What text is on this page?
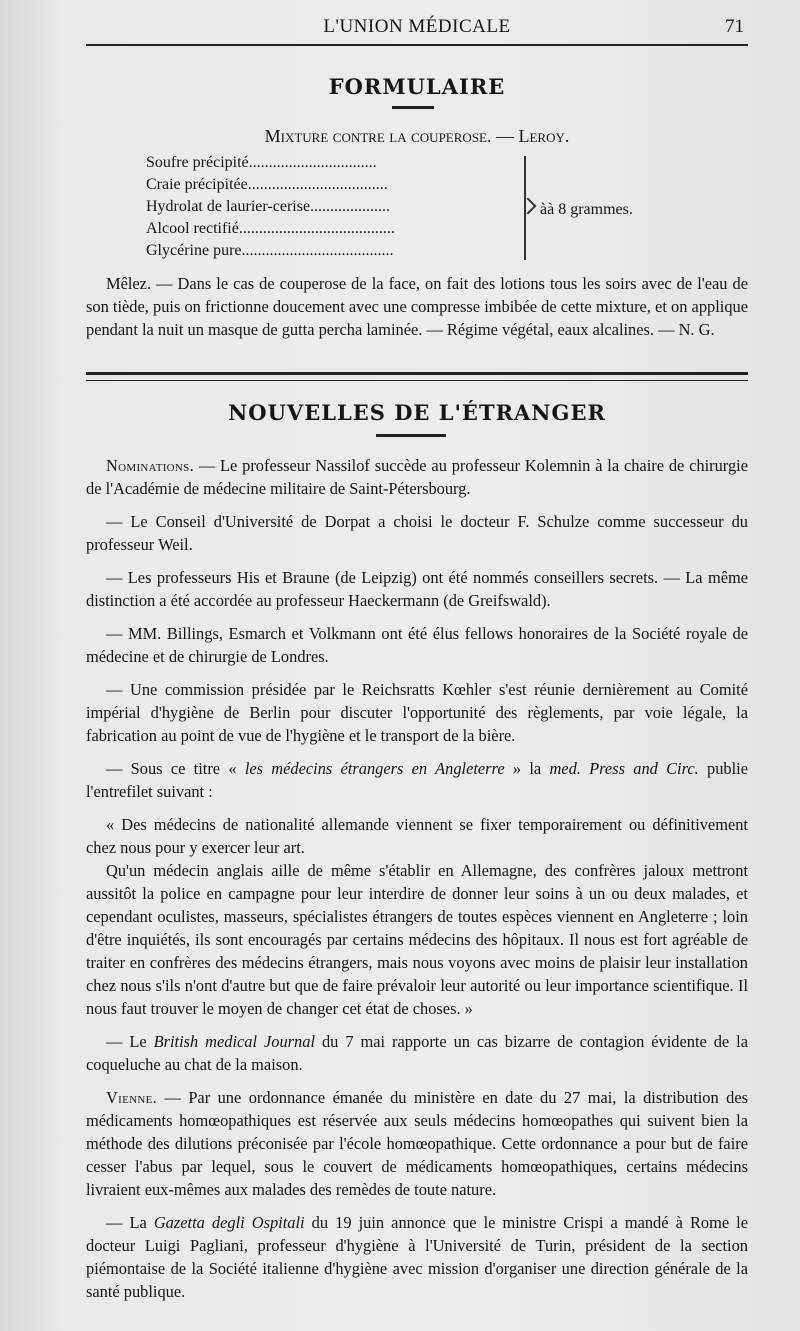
L'UNION MÉDICALE	71
FORMULAIRE
Mixture contre la couperose. — Leroy.
Soufre précipité................................
Craie précipitée...................................
Hydrolat de laurier-cerise....................
Alcool rectifié.......................................
Glycérine pure......................................
àà 8 grammes.

Mêlez. — Dans le cas de couperose de la face, on fait des lotions tous les soirs avec de l'eau de son tiède, puis on frictionne doucement avec une compresse imbibée de cette mixture, et on applique pendant la nuit un masque de gutta percha laminée. — Régime végétal, eaux alcalines. — N. G.

NOUVELLES DE L'ÉTRANGER

Nominations. — Le professeur Nassilof succède au professeur Kolemnin à la chaire de chirurgie de l'Académie de médecine militaire de Saint-Pétersbourg.

— Le Conseil d'Université de Dorpat a choisi le docteur F. Schulze comme successeur du professeur Weil.

— Les professeurs His et Braune (de Leipzig) ont été nommés conseillers secrets. — La même distinction a été accordée au professeur Haeckermann (de Greifswald).

— MM. Billings, Esmarch et Volkmann ont été élus fellows honoraires de la Société royale de médecine et de chirurgie de Londres.

— Une commission présidée par le Reichsratts Kœhler s'est réunie dernièrement au Comité impérial d'hygiène de Berlin pour discuter l'opportunité des règlements, par voie légale, la fabrication au point de vue de l'hygiène et le transport de la bière.

— Sous ce titre « les médecins étrangers en Angleterre » la med. Press and Circ. publie l'entrefilet suivant :

« Des médecins de nationalité allemande viennent se fixer temporairement ou définitivement chez nous pour y exercer leur art.

Qu'un médecin anglais aille de même s'établir en Allemagne, des confrères jaloux mettront aussitôt la police en campagne pour leur interdire de donner leur soins à un ou deux malades, et cependant oculistes, masseurs, spécialistes étrangers de toutes espèces viennent en Angleterre ; loin d'être inquiétés, ils sont encouragés par certains médecins des hôpitaux. Il nous est fort agréable de traiter en confrères des médecins étrangers, mais nous voyons avec moins de plaisir leur installation chez nous s'ils n'ont d'autre but que de faire prévaloir leur autorité ou leur importance scientifique. Il nous faut trouver le moyen de changer cet état de choses. »

— Le British medical Journal du 7 mai rapporte un cas bizarre de contagion évidente de la coqueluche au chat de la maison.

Vienne. — Par une ordonnance émanée du ministère en date du 27 mai, la distribution des médicaments homœopathiques est réservée aux seuls médecins homœopathes qui suivent bien la méthode des dilutions préconisée par l'école homœopathique. Cette ordonnance a pour but de faire cesser l'abus par lequel, sous le couvert de médicaments homœopathiques, certains médecins livraient eux-mêmes aux malades des remèdes de toute nature.

— La Gazetta degli Ospitali du 19 juin annonce que le ministre Crispi a mandé à Rome le docteur Luigi Pagliani, professeur d'hygiène à l'Université de Turin, président de la section piémontaise de la Société italienne d'hygiène avec mission d'organiser une direction générale de la santé publique.
